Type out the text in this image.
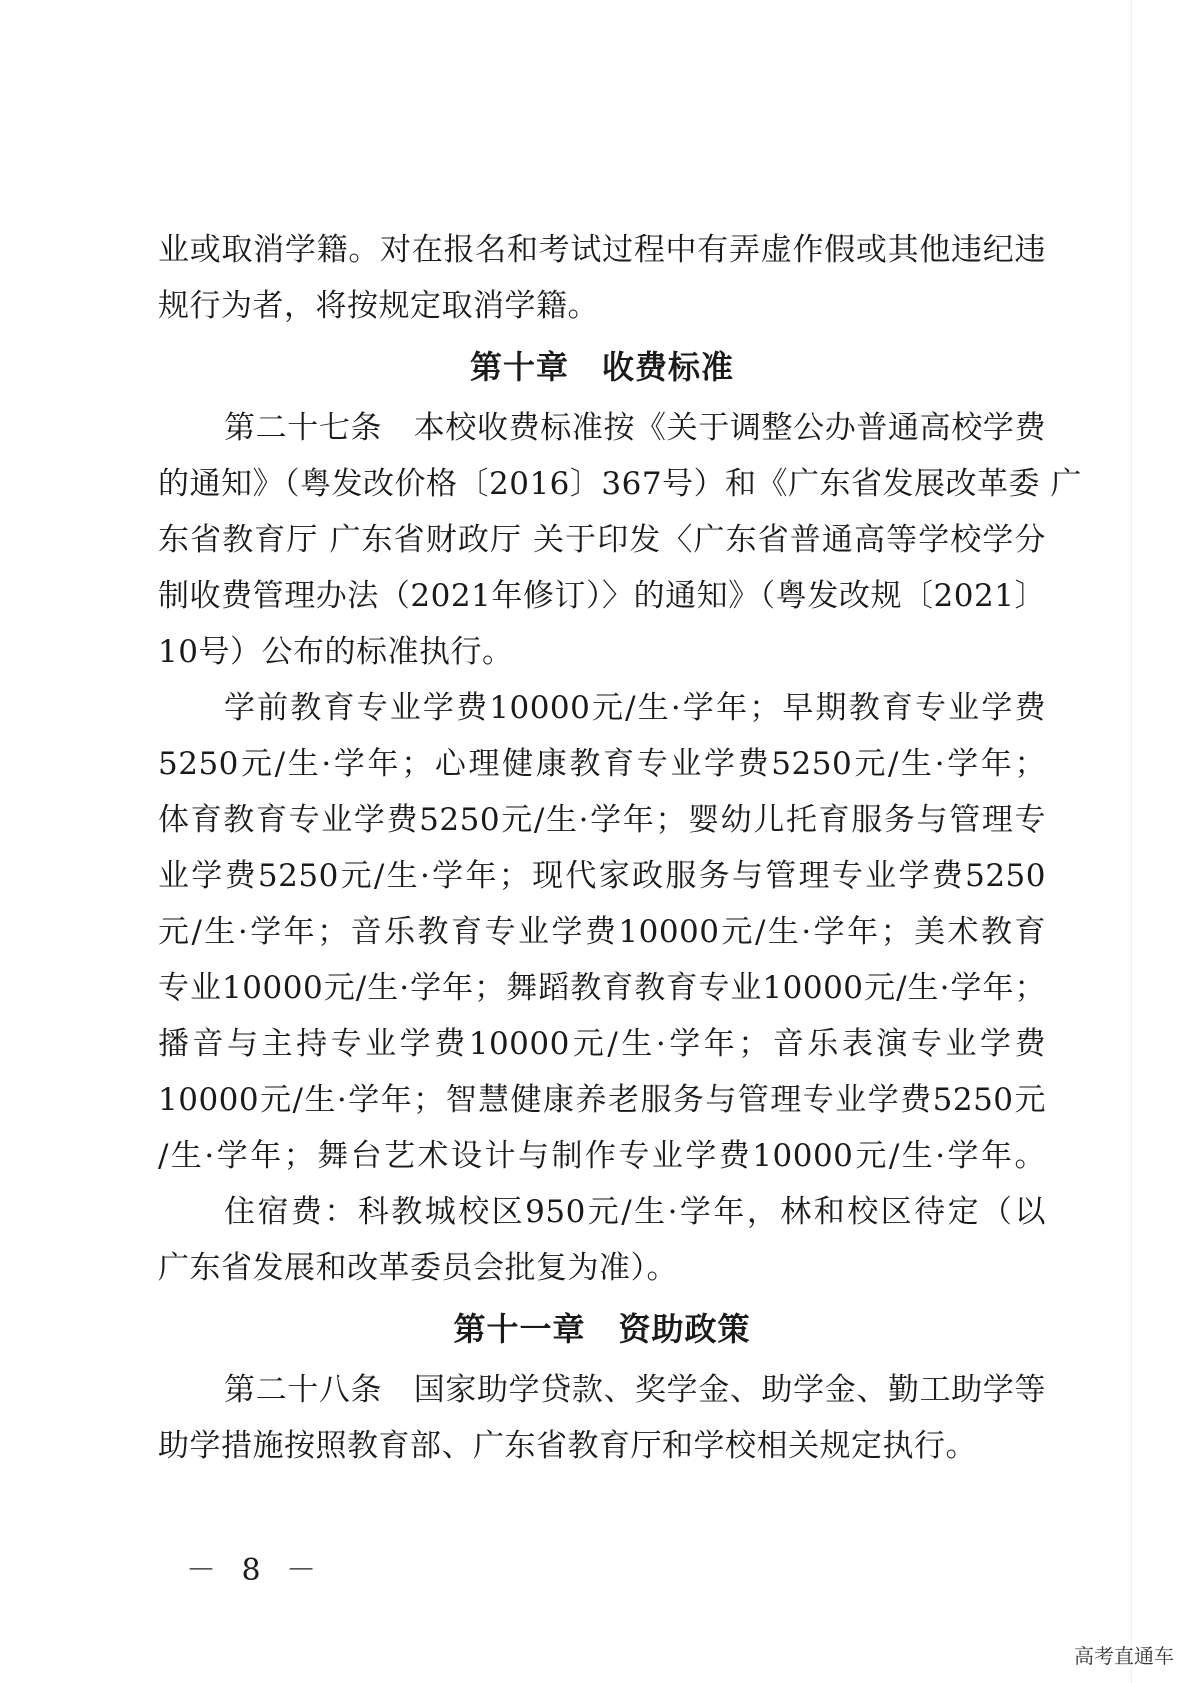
业或取消学籍。对在报名和考试过程中有弄虚作假或其他违纪违
规行为者，将按规定取消学籍。
第十章　收费标准
第二十七条　本校收费标准按《关于调整公办普通高校学费
的通知》（粤发改价格〔2016〕367号）和《广东省发展改革委 广
东省教育厅 广东省财政厅 关于印发〈广东省普通高等学校学分
制收费管理办法（2021年修订）〉的通知》（粤发改规〔2021〕
10号）公布的标准执行。
学前教育专业学费10000元/生·学年；早期教育专业学费
5250元/生·学年；心理健康教育专业学费5250元/生·学年；
体育教育专业学费5250元/生·学年；婴幼儿托育服务与管理专
业学费5250元/生·学年；现代家政服务与管理专业学费5250
元/生·学年；音乐教育专业学费10000元/生·学年；美术教育
专业10000元/生·学年；舞蹈教育教育专业10000元/生·学年；
播音与主持专业学费10000元/生·学年；音乐表演专业学费
10000元/生·学年；智慧健康养老服务与管理专业学费5250元
/生·学年；舞台艺术设计与制作专业学费10000元/生·学年。
住宿费：科教城校区950元/生·学年，林和校区待定（以
广东省发展和改革委员会批复为准）。
第十一章　资助政策
第二十八条　国家助学贷款、奖学金、助学金、勤工助学等
助学措施按照教育部、广东省教育厅和学校相关规定执行。
－ 8 －
高考直通车
